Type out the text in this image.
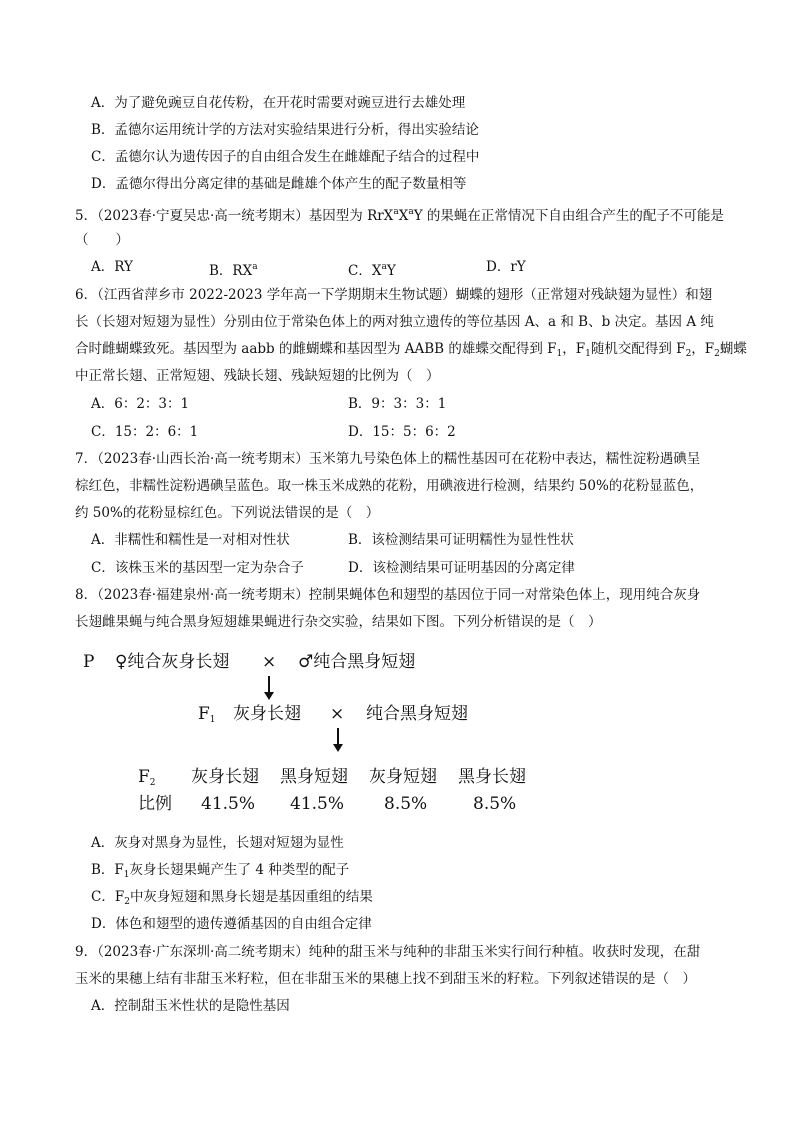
A．为了避免豌豆自花传粉，在开花时需要对豌豆进行去雄处理
B．孟德尔运用统计学的方法对实验结果进行分析，得出实验结论
C．孟德尔认为遗传因子的自由组合发生在雌雄配子结合的过程中
D．孟德尔得出分离定律的基础是雌雄个体产生的配子数量相等
5．（2023春·宁夏吴忠·高一统考期末）基因型为 $RrX^aX^aY$ 的果蝇在正常情况下自由组合产生的配子不可能是
（　　）
A．RY	B．$RX^a$	C．$X^aY$	D．rY
6．（江西省萍乡市 2022-2023 学年高一下学期期末生物试题）蝴蝶的翅形（正常翅对残缺翅为显性）和翅
长（长翅对短翅为显性）分别由位于常染色体上的两对独立遗传的等位基因 A、a 和 B、b 决定。基因 A 纯
合时雌蝴蝶致死。基因型为 aabb 的雌蝴蝶和基因型为 AABB 的雄蝶交配得到 $F_1$，$F_1$随机交配得到 $F_2$，$F_2$蝴蝶
中正常长翅、正常短翅、残缺长翅、残缺短翅的比例为（　）
A．6：2：3：1	B．9：3：3：1
C．15：2：6：1	D．15：5：6：2
7．（2023春·山西长治·高一统考期末）玉米第九号染色体上的糯性基因可在花粉中表达，糯性淀粉遇碘呈
棕红色，非糯性淀粉遇碘呈蓝色。取一株玉米成熟的花粉，用碘液进行检测，结果约 50%的花粉显蓝色，
约 50%的花粉显棕红色。下列说法错误的是（　）
A．非糯性和糯性是一对相对性状	B．该检测结果可证明糯性为显性性状
C．该株玉米的基因型一定为杂合子	D．该检测结果可证明基因的分离定律
8．（2023春·福建泉州·高一统考期末）控制果蝇体色和翅型的基因位于同一对常染色体上，现用纯合灰身
长翅雌果蝇与纯合黑身短翅雄果蝇进行杂交实验，结果如下图。下列分析错误的是（　）
P ♀纯合灰身长翅 × ♂纯合黑身短翅
$F_1$ 灰身长翅 × 纯合黑身短翅
$F_2$ 灰身长翅 黑身短翅 灰身短翅 黑身长翅
比例 41.5% 41.5% 8.5%	8.5%
A．灰身对黑身为显性，长翅对短翅为显性
B．$F_1$灰身长翅果蝇产生了 4 种类型的配子
C．$F_2$中灰身短翅和黑身长翅是基因重组的结果
D．体色和翅型的遗传遵循基因的自由组合定律
9．（2023春·广东深圳·高二统考期末）纯种的甜玉米与纯种的非甜玉米实行间行种植。收获时发现，在甜
玉米的果穗上结有非甜玉米籽粒，但在非甜玉米的果穗上找不到甜玉米的籽粒。下列叙述错误的是（　）
A．控制甜玉米性状的是隐性基因
